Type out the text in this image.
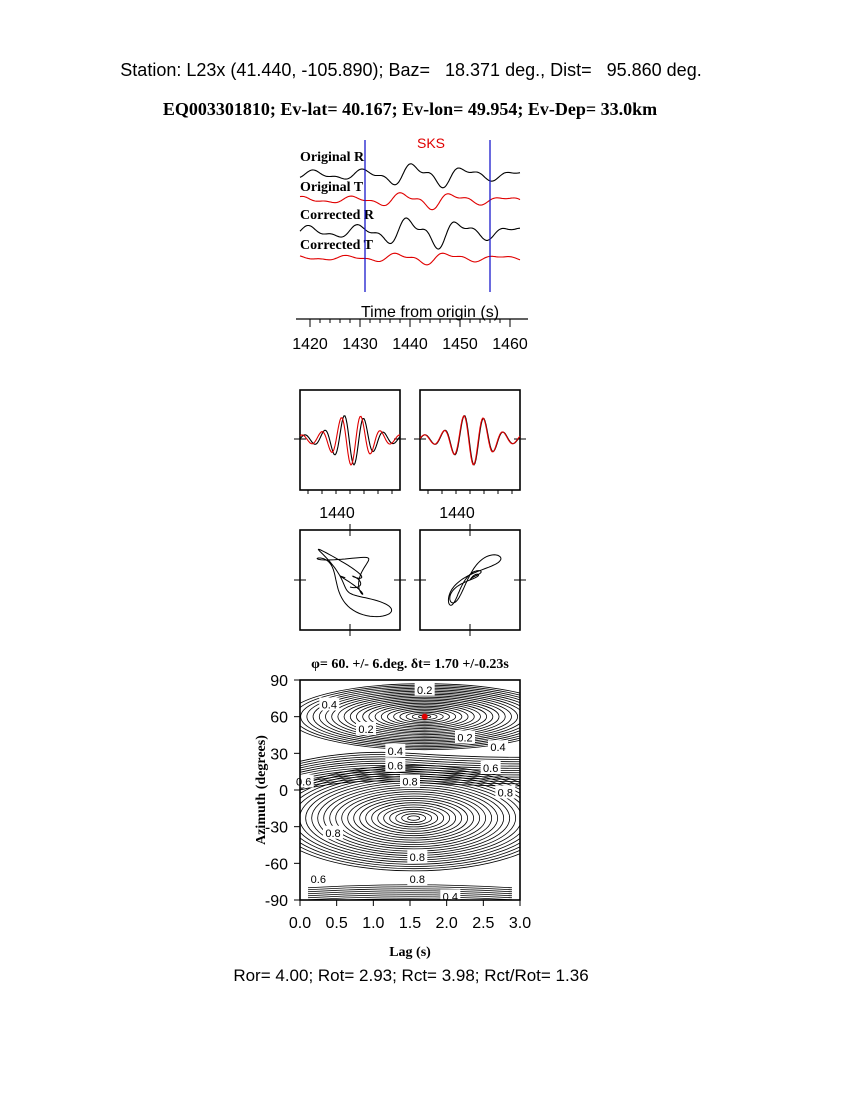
Station: L23x (41.440, -105.890); Baz=   18.371 deg., Dist=   95.860 deg.
EQ003301810; Ev-lat= 40.167; Ev-lon= 49.954; Ev-Dep= 33.0km
SKS
Original R
Original T
Corrected R
Corrected T
Time from origin (s)
1420 1430 1440 1450 1460
1440	1440
φ= 60. +/- 6.deg. δt= 1.70 +/-0.23s
0.2
0.4
0.2
0.2
0.4
0.6
0.4
0.6
0.8
0.8
0.6
0.8
0.8
0.6	0.8
0.4
0.0 0.5 1.0 1.5 2.0 2.5 3.0
90
60
30
0
-30
-60
-90
Lag (s)
Azimuth (degrees)
Ror= 4.00; Rot= 2.93; Rct= 3.98; Rct/Rot= 1.36
